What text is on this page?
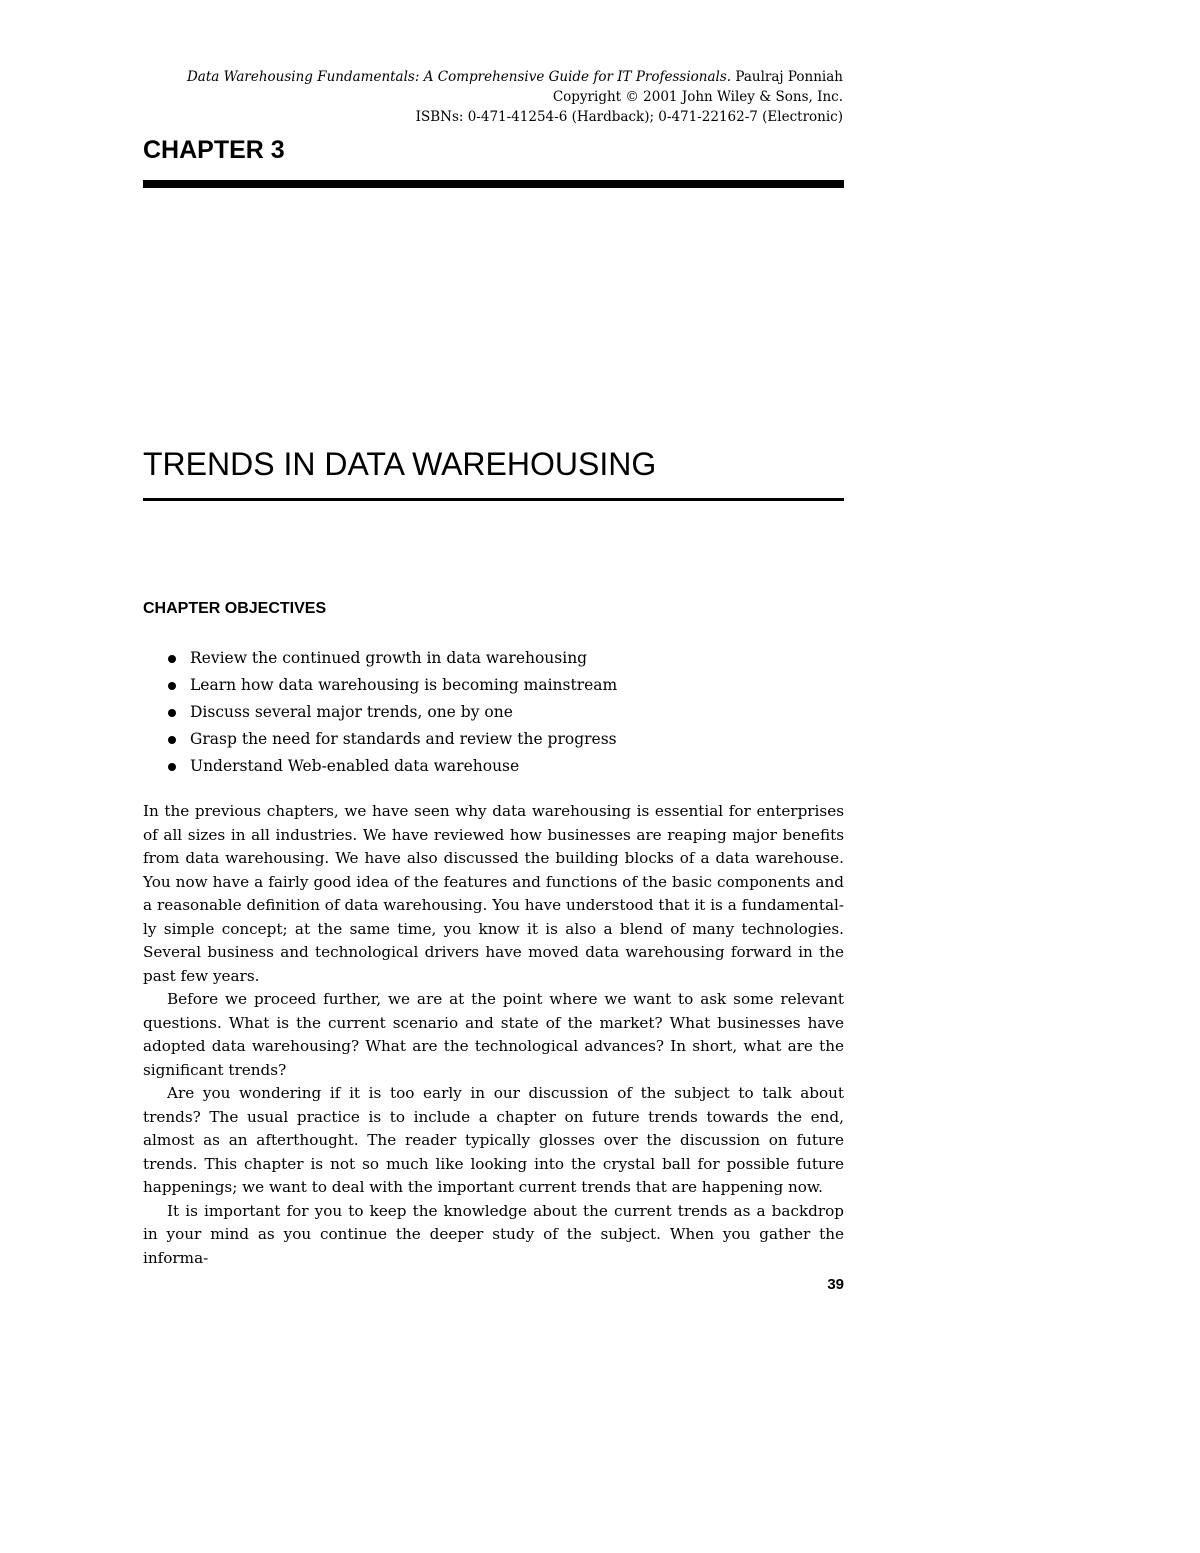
Data Warehousing Fundamentals: A Comprehensive Guide for IT Professionals. Paulraj Ponniah
Copyright © 2001 John Wiley & Sons, Inc.
ISBNs: 0-471-41254-6 (Hardback); 0-471-22162-7 (Electronic)
CHAPTER 3
TRENDS IN DATA WAREHOUSING
CHAPTER OBJECTIVES
Review the continued growth in data warehousing
Learn how data warehousing is becoming mainstream
Discuss several major trends, one by one
Grasp the need for standards and review the progress
Understand Web-enabled data warehouse

In the previous chapters, we have seen why data warehousing is essential for enterprises of all sizes in all industries. We have reviewed how businesses are reaping major benefits from data warehousing. We have also discussed the building blocks of a data warehouse. You now have a fairly good idea of the features and functions of the basic components and a reasonable definition of data warehousing. You have understood that it is a fundamental-ly simple concept; at the same time, you know it is also a blend of many technologies. Several business and technological drivers have moved data warehousing forward in the past few years.

Before we proceed further, we are at the point where we want to ask some relevant questions. What is the current scenario and state of the market? What businesses have adopted data warehousing? What are the technological advances? In short, what are the significant trends?

Are you wondering if it is too early in our discussion of the subject to talk about trends? The usual practice is to include a chapter on future trends towards the end, almost as an afterthought. The reader typically glosses over the discussion on future trends. This chapter is not so much like looking into the crystal ball for possible future happenings; we want to deal with the important current trends that are happening now.

It is important for you to keep the knowledge about the current trends as a backdrop in your mind as you continue the deeper study of the subject. When you gather the informa-

39
